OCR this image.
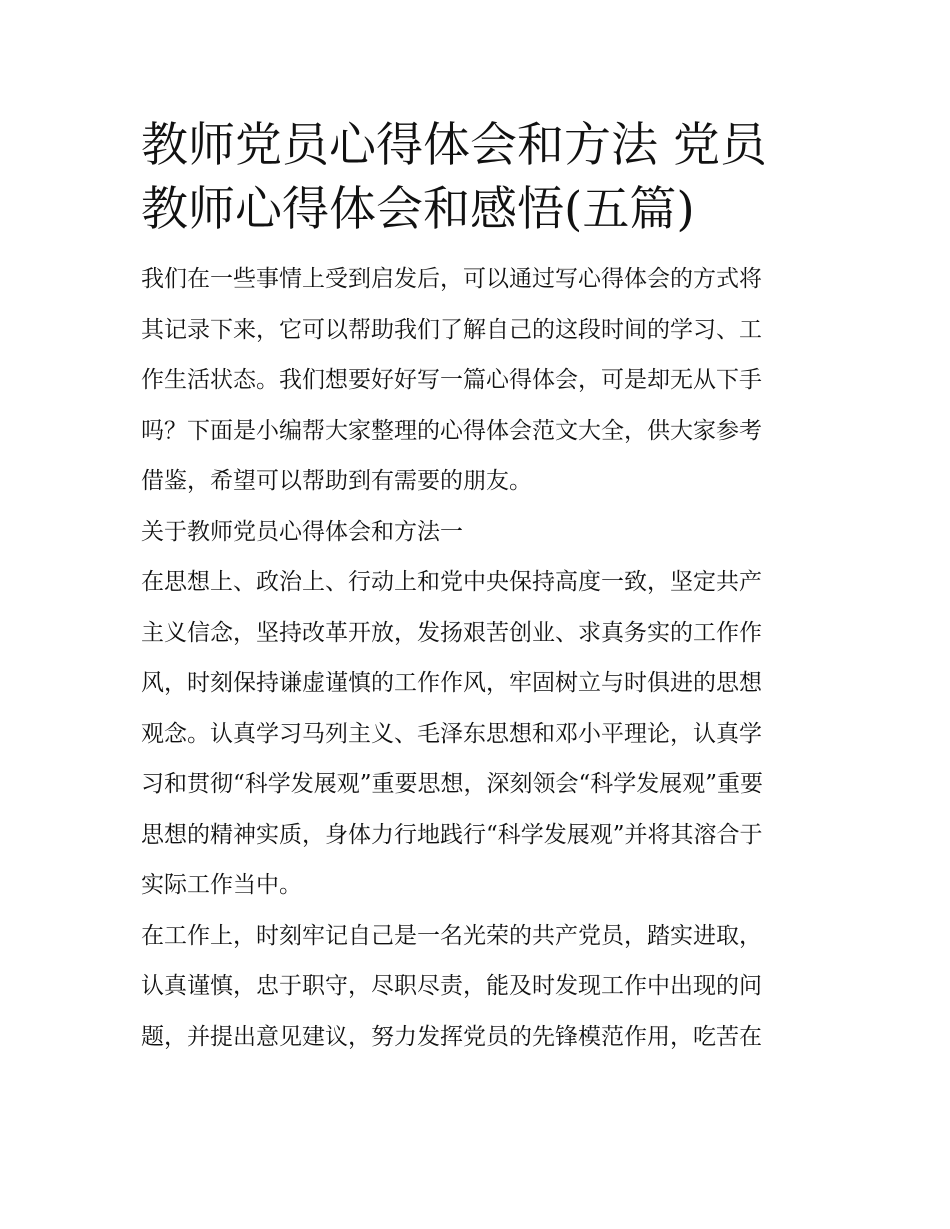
教师党员心得体会和方法 党员
教师心得体会和感悟(五篇)

我们在一些事情上受到启发后，可以通过写心得体会的方式将
其记录下来，它可以帮助我们了解自己的这段时间的学习、工
作生活状态。我们想要好好写一篇心得体会，可是却无从下手
吗？下面是小编帮大家整理的心得体会范文大全，供大家参考
借鉴，希望可以帮助到有需要的朋友。

关于教师党员心得体会和方法一

在思想上、政治上、行动上和党中央保持高度一致，坚定共产
主义信念，坚持改革开放，发扬艰苦创业、求真务实的工作作
风，时刻保持谦虚谨慎的工作作风，牢固树立与时俱进的思想
观念。认真学习马列主义、毛泽东思想和邓小平理论，认真学
习和贯彻“科学发展观”重要思想，深刻领会“科学发展观”重要
思想的精神实质，身体力行地践行“科学发展观”并将其溶合于
实际工作当中。

在工作上，时刻牢记自己是一名光荣的共产党员，踏实进取，
认真谨慎，忠于职守，尽职尽责，能及时发现工作中出现的问
题，并提出意见建议，努力发挥党员的先锋模范作用，吃苦在
